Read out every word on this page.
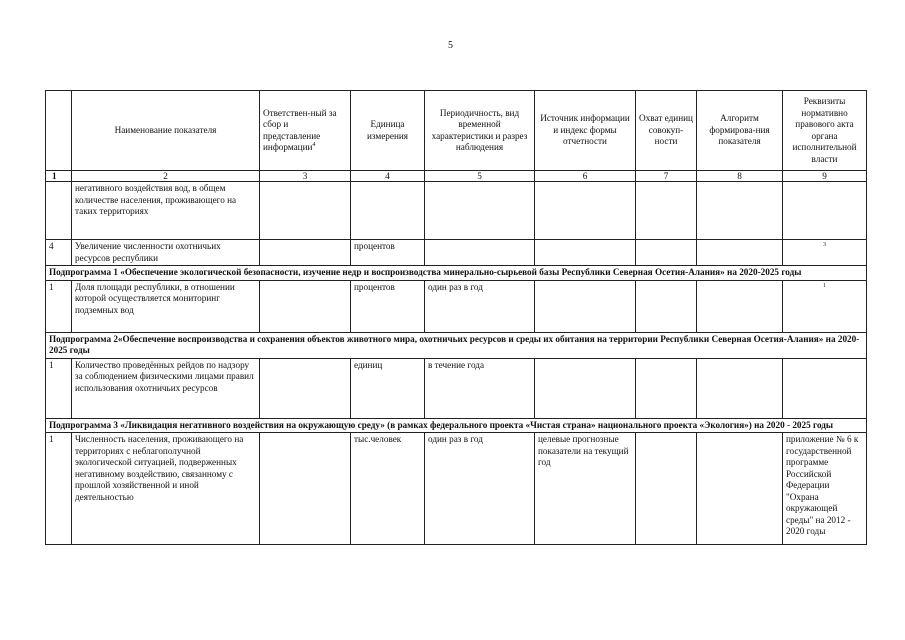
5
	Наименование показателя	Ответствен-ный за сбор и представление информации$^4$	Единица измерения	Периодичность, вид временной характеристики и разрез наблюдения	Источник информации и индекс формы отчетности	Охват единиц совокуп-ности	Алгоритм формирова-ния показателя	Реквизиты нормативно правового акта органа исполнительной власти
1	2	3	4	5	6	7	8	9
	негативного воздействия вод, в общем количестве населения, проживающего на таких территориях							
4	Увеличение численности охотничьих ресурсов республики		процентов					3
Подпрограмма 1 «Обеспечение экологической безопасности, изучение недр и воспроизводства минерально-сырьевой базы Республики Северная Осетия-Алания» на 2020-2025 годы								
1	Доля площади республики, в отношении которой осуществляется мониторинг подземных вод		процентов	один раз в год				1
Подпрограмма 2«Обеспечение воспроизводства и сохранения объектов животного мира, охотничьих ресурсов и среды их обитания на территории Республики Северная Осетия-Алания» на 2020-2025 годы								
1	Количество проведённых рейдов по надзору за соблюдением физическими лицами правил использования охотничьих ресурсов		единиц	в течение года				
Подпрограмма 3 «Ликвидация негативного воздействия на окружающую среду» (в рамках федерального проекта «Чистая страна» национального проекта «Экология») на 2020 - 2025 годы								
1	Численность населения, проживающего на территориях с неблагополучной экологической ситуацией, подверженных негативному воздействию, связанному с прошлой хозяйственной и иной деятельностью		тыс.человек	один раз в год	целевые прогнозные показатели на текущий год			приложение № 6 к государственной программе Российской Федерации "Охрана окружающей среды" на 2012 - 2020 годы
